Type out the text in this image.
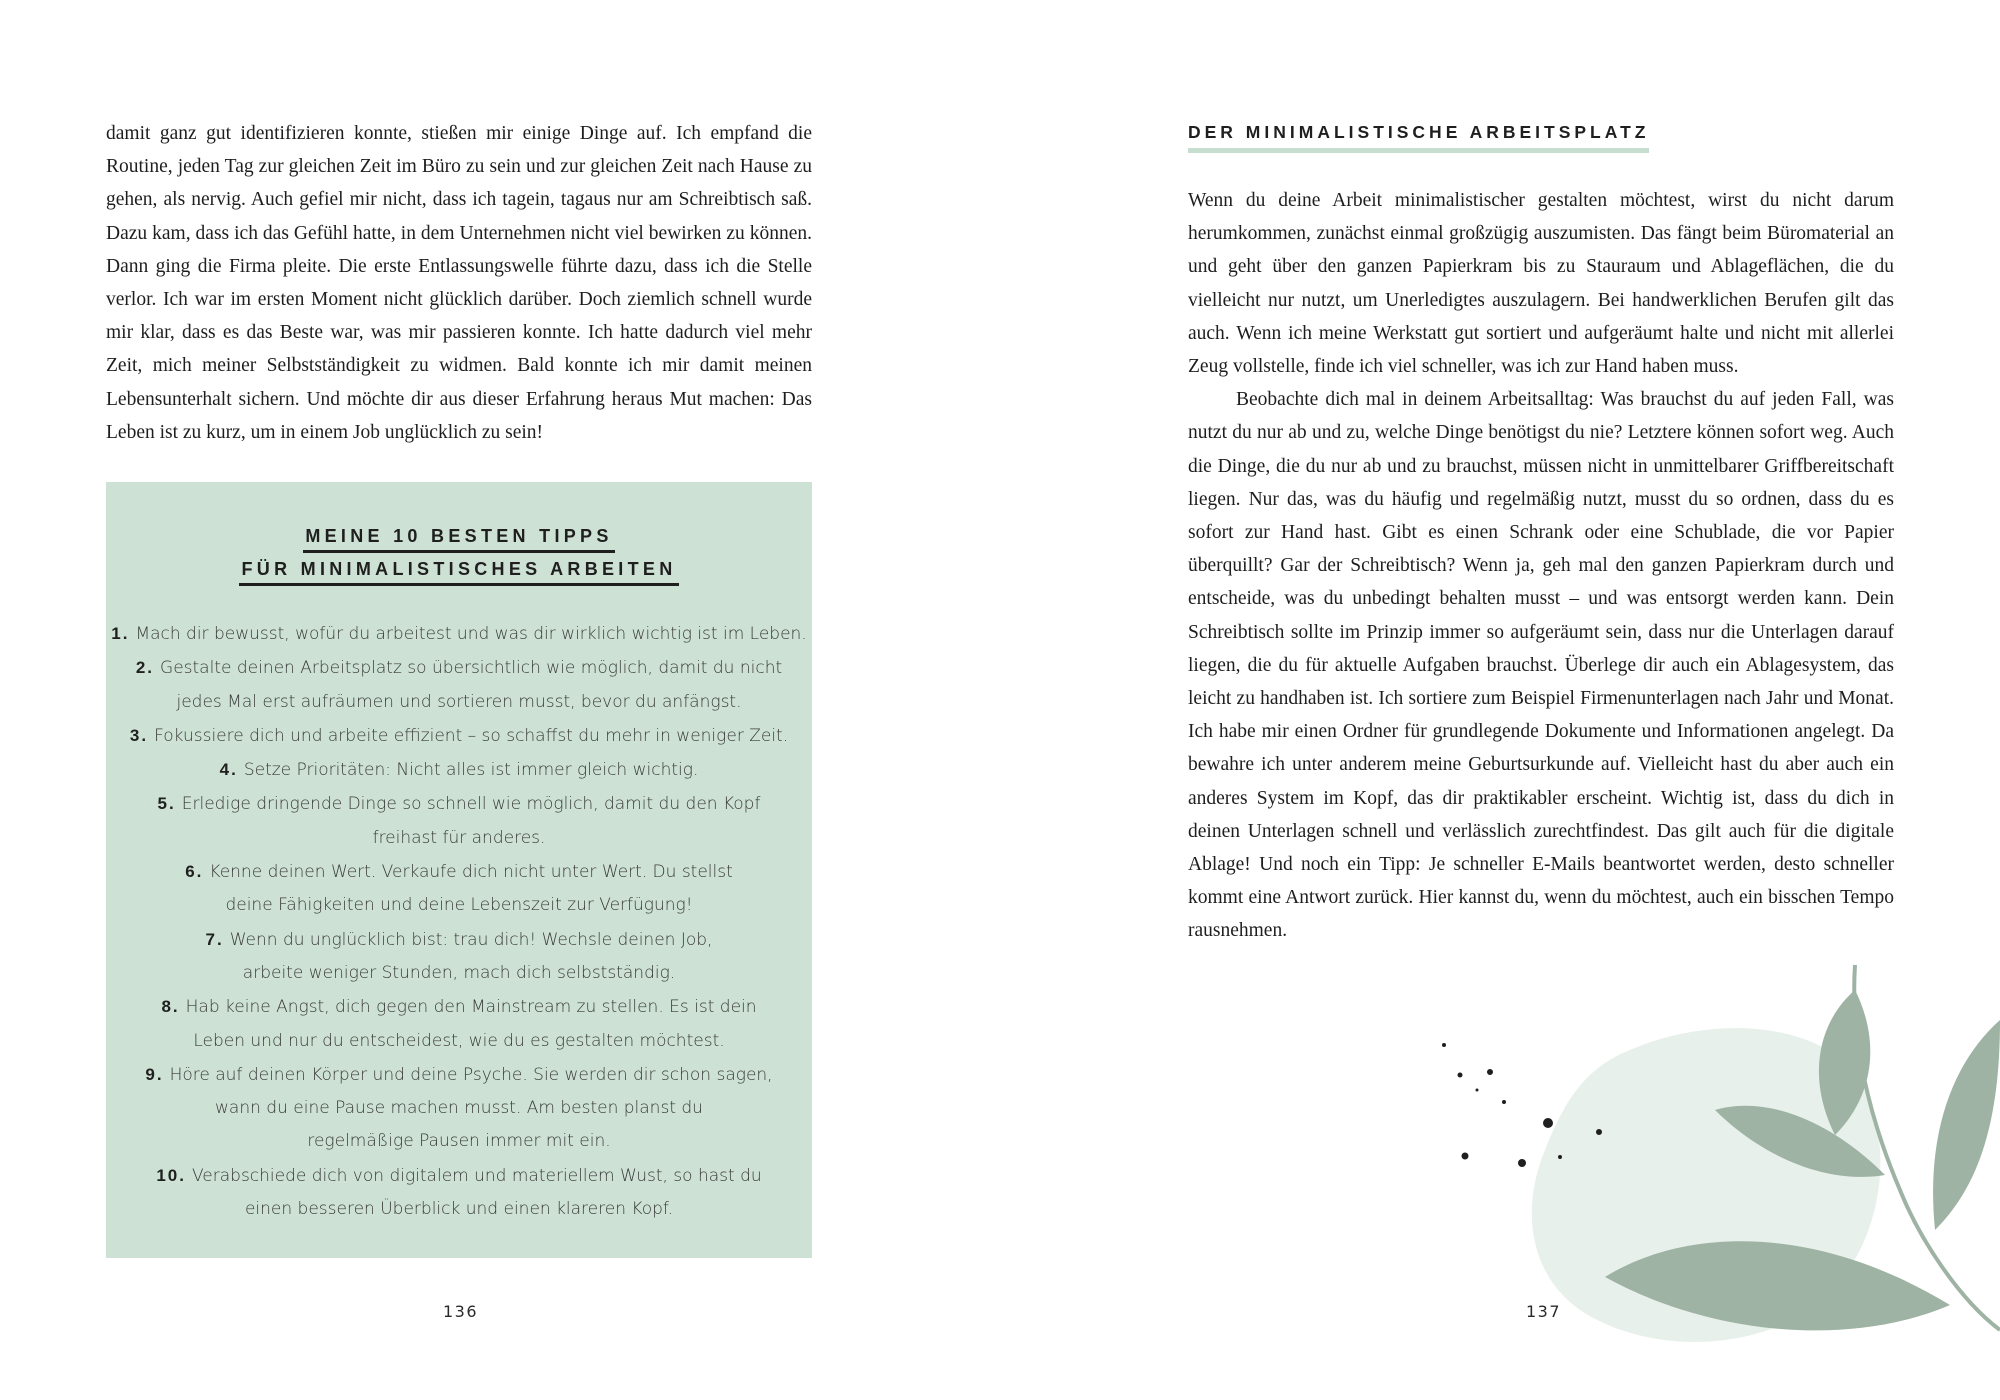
damit ganz gut identifizieren konnte, stießen mir einige Dinge auf. Ich empfand die Routine, jeden Tag zur gleichen Zeit im Büro zu sein und zur gleichen Zeit nach Hause zu gehen, als nervig. Auch gefiel mir nicht, dass ich tagein, tagaus nur am Schreibtisch saß. Dazu kam, dass ich das Gefühl hatte, in dem Unternehmen nicht viel bewirken zu können. Dann ging die Firma pleite. Die erste Entlassungswelle führte dazu, dass ich die Stelle verlor. Ich war im ersten Moment nicht glücklich darüber. Doch ziemlich schnell wurde mir klar, dass es das Beste war, was mir passieren konnte. Ich hatte dadurch viel mehr Zeit, mich meiner Selbstständigkeit zu widmen. Bald konnte ich mir damit meinen Lebensunterhalt sichern. Und möchte dir aus dieser Erfahrung heraus Mut machen: Das Leben ist zu kurz, um in einem Job unglücklich zu sein!

MEINE 10 BESTEN TIPPS
FÜR MINIMALISTISCHES ARBEITEN
1. Mach dir bewusst, wofür du arbeitest und was dir wirklich wichtig ist im Leben.
2. Gestalte deinen Arbeitsplatz so übersichtlich wie möglich, damit du nicht
jedes Mal erst aufräumen und sortieren musst, bevor du anfängst.
3. Fokussiere dich und arbeite effizient – so schaffst du mehr in weniger Zeit.
4. Setze Prioritäten: Nicht alles ist immer gleich wichtig.
5. Erledige dringende Dinge so schnell wie möglich, damit du den Kopf
freihast für anderes.
6. Kenne deinen Wert. Verkaufe dich nicht unter Wert. Du stellst
deine Fähigkeiten und deine Lebenszeit zur Verfügung!
7. Wenn du unglücklich bist: trau dich! Wechsle deinen Job,
arbeite weniger Stunden, mach dich selbstständig.
8. Hab keine Angst, dich gegen den Mainstream zu stellen. Es ist dein
Leben und nur du entscheidest, wie du es gestalten möchtest.
9. Höre auf deinen Körper und deine Psyche. Sie werden dir schon sagen,
wann du eine Pause machen musst. Am besten planst du
regelmäßige Pausen immer mit ein.
10. Verabschiede dich von digitalem und materiellem Wust, so hast du
einen besseren Überblick und einen klareren Kopf.
136
DER MINIMALISTISCHE ARBEITSPLATZ

Wenn du deine Arbeit minimalistischer gestalten möchtest, wirst du nicht darum herumkommen, zunächst einmal großzügig auszumisten. Das fängt beim Büromaterial an und geht über den ganzen Papierkram bis zu Stauraum und Ablageflächen, die du vielleicht nur nutzt, um Unerledigtes auszulagern. Bei handwerklichen Berufen gilt das auch. Wenn ich meine Werkstatt gut sortiert und aufgeräumt halte und nicht mit allerlei Zeug vollstelle, finde ich viel schneller, was ich zur Hand haben muss.

Beobachte dich mal in deinem Arbeitsalltag: Was brauchst du auf jeden Fall, was nutzt du nur ab und zu, welche Dinge benötigst du nie? Letztere können sofort weg. Auch die Dinge, die du nur ab und zu brauchst, müssen nicht in unmittelbarer Griffbereitschaft liegen. Nur das, was du häufig und regelmäßig nutzt, musst du so ordnen, dass du es sofort zur Hand hast. Gibt es einen Schrank oder eine Schublade, die vor Papier überquillt? Gar der Schreibtisch? Wenn ja, geh mal den ganzen Papierkram durch und entscheide, was du unbedingt behalten musst – und was entsorgt werden kann. Dein Schreibtisch sollte im Prinzip immer so aufgeräumt sein, dass nur die Unterlagen darauf liegen, die du für aktuelle Aufgaben brauchst. Überlege dir auch ein Ablagesystem, das leicht zu handhaben ist. Ich sortiere zum Beispiel Firmenunterlagen nach Jahr und Monat. Ich habe mir einen Ordner für grundlegende Dokumente und Informationen angelegt. Da bewahre ich unter anderem meine Geburtsurkunde auf. Vielleicht hast du aber auch ein anderes System im Kopf, das dir praktikabler erscheint. Wichtig ist, dass du dich in deinen Unterlagen schnell und verlässlich zurechtfindest. Das gilt auch für die digitale Ablage! Und noch ein Tipp: Je schneller E-Mails beantwortet werden, desto schneller kommt eine Antwort zurück. Hier kannst du, wenn du möchtest, auch ein bisschen Tempo rausnehmen.

137
